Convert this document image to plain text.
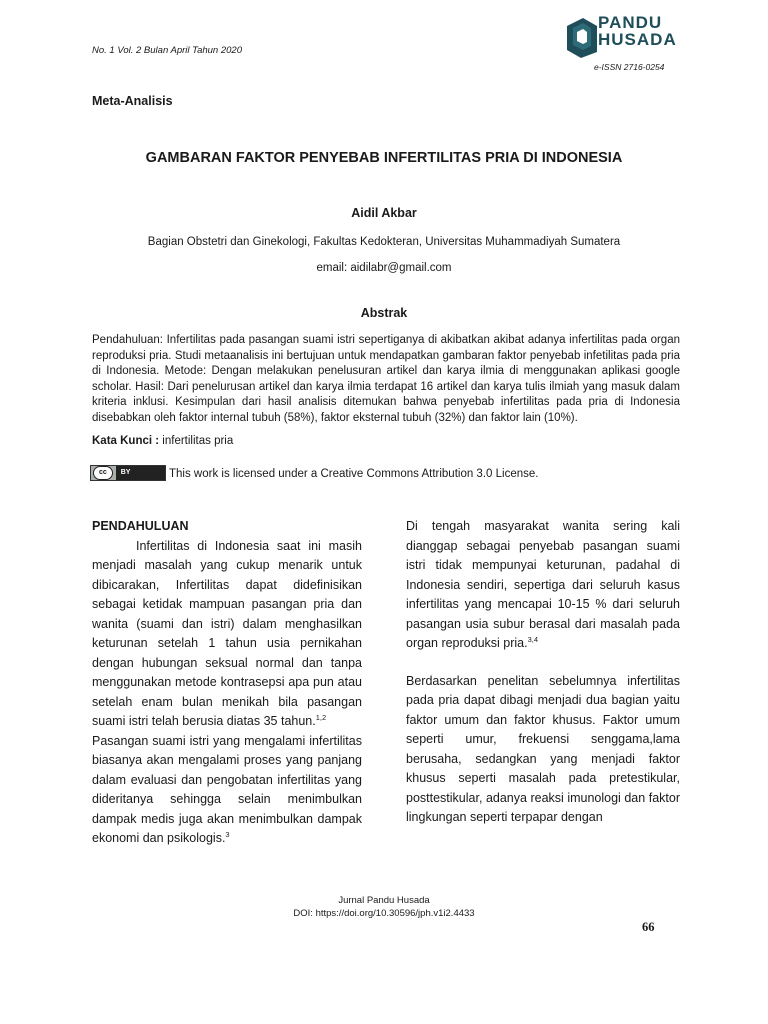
No. 1 Vol. 2 Bulan April Tahun 2020
PANDU
HUSADA
e-ISSN 2716-0254
Meta-Analisis
GAMBARAN FAKTOR PENYEBAB INFERTILITAS PRIA DI INDONESIA
Aidil Akbar
Bagian Obstetri dan Ginekologi, Fakultas Kedokteran, Universitas Muhammadiyah Sumatera
email: aidilabr@gmail.com
Abstrak
Pendahuluan: Infertilitas pada pasangan suami istri sepertiganya di akibatkan akibat adanya infertilitas pada organ reproduksi pria. Studi metaanalisis ini bertujuan untuk mendapatkan gambaran faktor penyebab infetilitas pada pria di Indonesia. Metode: Dengan melakukan penelusuran artikel dan karya ilmia di menggunakan aplikasi google scholar. Hasil: Dari penelurusan artikel dan karya ilmia terdapat 16 artikel dan karya tulis ilmiah yang masuk dalam kriteria inklusi. Kesimpulan dari hasil analisis ditemukan bahwa penyebab infertilitas pada pria di Indonesia disebabkan oleh faktor internal tubuh (58%), faktor eksternal tubuh (32%) dan faktor lain (10%).
Kata Kunci : infertilitas pria
cc	BY	This work is licensed under a Creative Commons Attribution 3.0 License.
PENDAHULUAN

Infertilitas di Indonesia saat ini masih menjadi masalah yang cukup menarik untuk dibicarakan, Infertilitas dapat didefinisikan sebagai ketidak mampuan pasangan pria dan wanita (suami dan istri) dalam menghasilkan keturunan setelah 1 tahun usia pernikahan dengan hubungan seksual normal dan tanpa menggunakan metode kontrasepsi apa pun atau setelah enam bulan menikah bila pasangan suami istri telah berusia diatas 35 tahun.$^{1,2}$

Pasangan suami istri yang mengalami infertilitas biasanya akan mengalami proses yang panjang dalam evaluasi dan pengobatan infertilitas yang dideritanya sehingga selain menimbulkan dampak medis juga akan menimbulkan dampak ekonomi dan psikologis.$^3$

Di tengah masyarakat wanita sering kali dianggap sebagai penyebab pasangan suami istri tidak mempunyai keturunan, padahal di Indonesia sendiri, sepertiga dari seluruh kasus infertilitas yang mencapai 10-15 % dari seluruh pasangan usia subur berasal dari masalah pada organ reproduksi pria.$^{3,4}$

Berdasarkan penelitan sebelumnya infertilitas pada pria dapat dibagi menjadi dua bagian yaitu faktor umum dan faktor khusus. Faktor umum seperti umur, frekuensi senggama,lama berusaha, sedangkan yang menjadi faktor khusus seperti masalah pada pretestikular, posttestikular, adanya reaksi imunologi dan faktor lingkungan seperti terpapar dengan

Jurnal Pandu Husada
DOI: https://doi.org/10.30596/jph.v1i2.4433
66
